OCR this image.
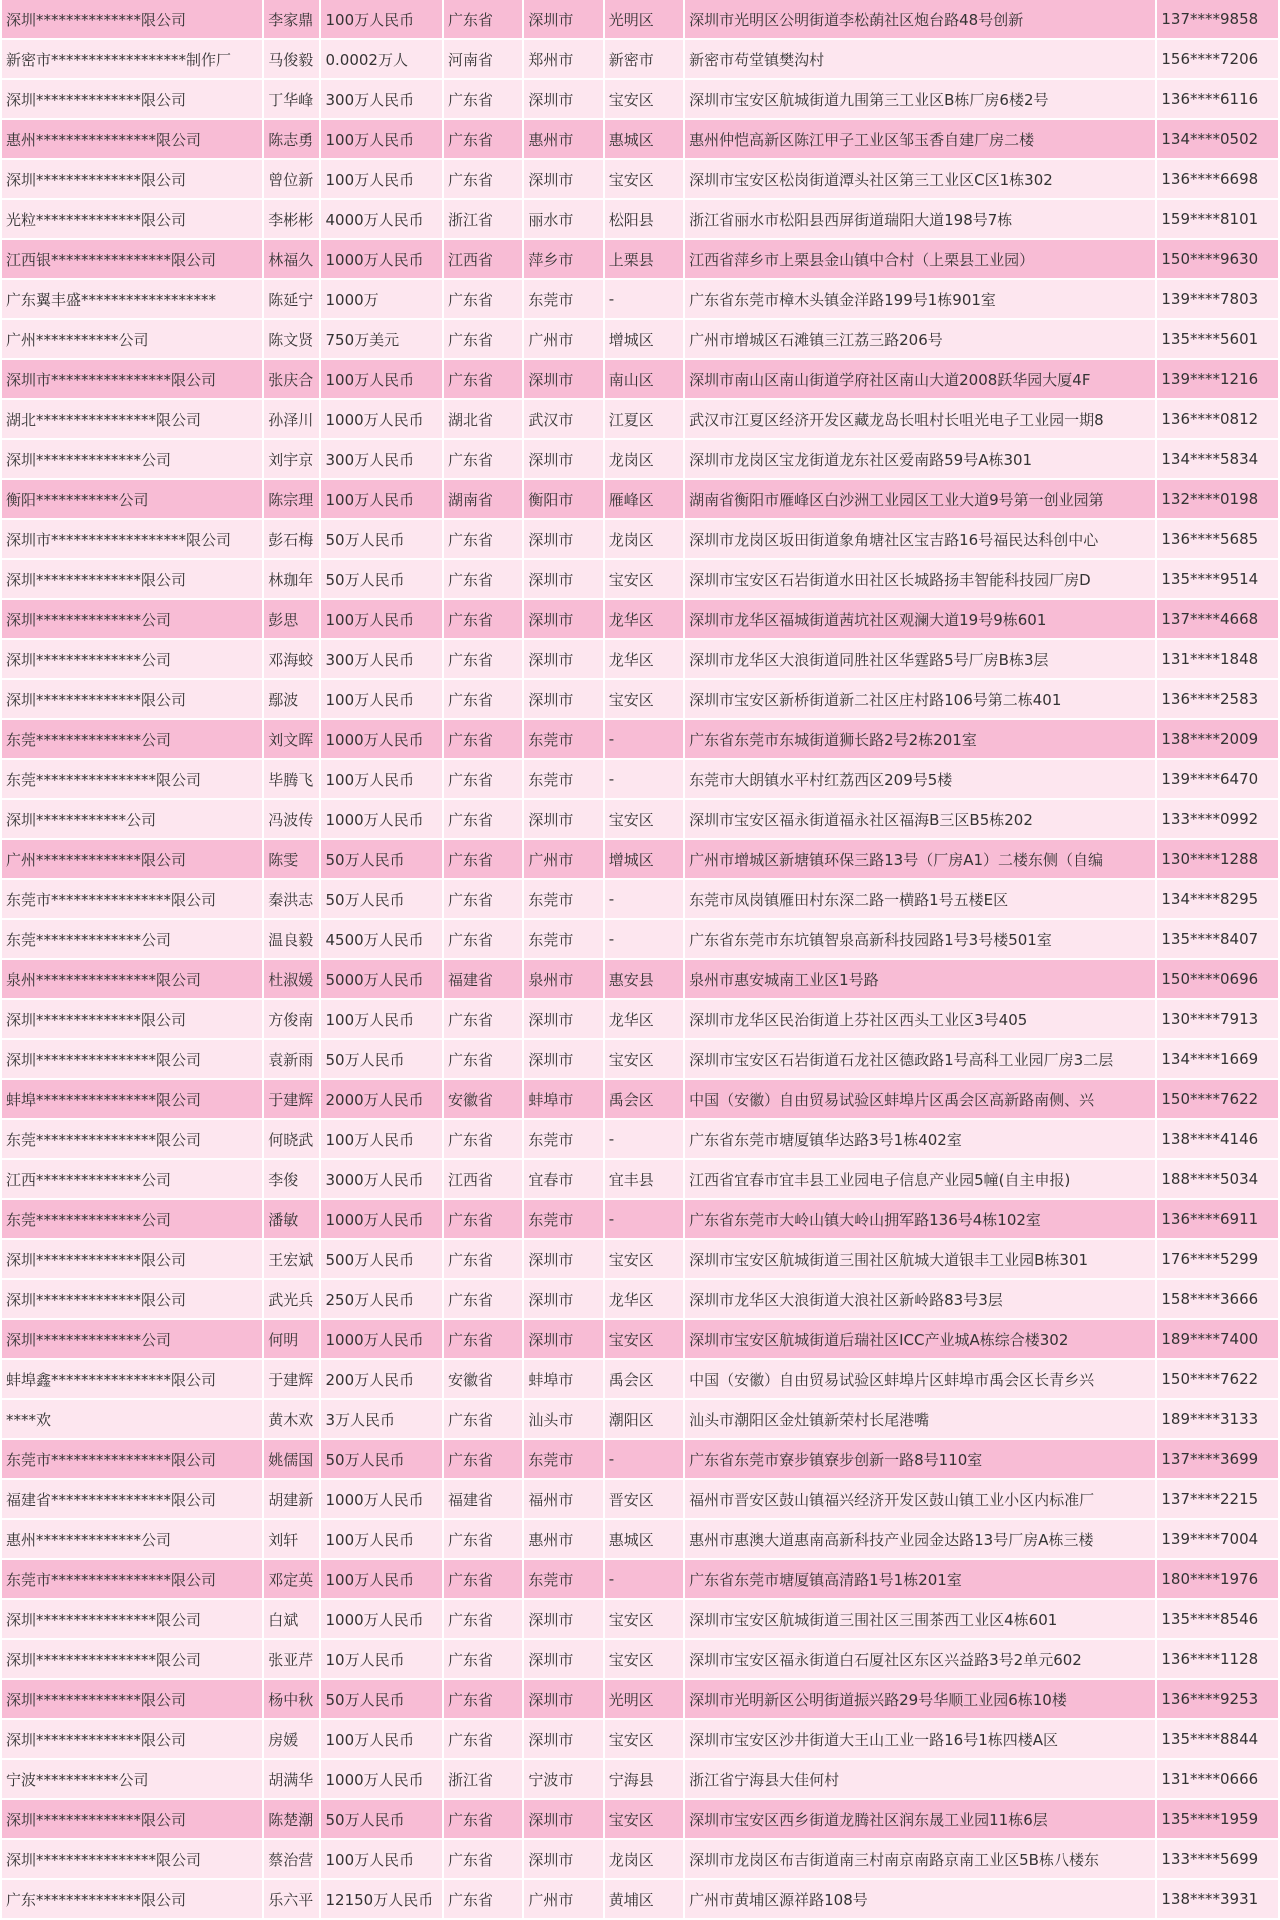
深圳**************限公司	李家鼎	100万人民币	广东省	深圳市	光明区	深圳市光明区公明街道李松蓢社区炮台路48号创新	137****9858
新密市******************制作厂	马俊毅	0.0002万人	河南省	郑州市	新密市	新密市苟堂镇樊沟村	156****7206
深圳**************限公司	丁华峰	300万人民币	广东省	深圳市	宝安区	深圳市宝安区航城街道九围第三工业区B栋厂房6楼2号	136****6116
惠州****************限公司	陈志勇	100万人民币	广东省	惠州市	惠城区	惠州仲恺高新区陈江甲子工业区邹玉香自建厂房二楼	134****0502
深圳**************限公司	曾位新	100万人民币	广东省	深圳市	宝安区	深圳市宝安区松岗街道潭头社区第三工业区C区1栋302	136****6698
光粒**************限公司	李彬彬	4000万人民币	浙江省	丽水市	松阳县	浙江省丽水市松阳县西屏街道瑞阳大道198号7栋	159****8101
江西银****************限公司	林福久	1000万人民币	江西省	萍乡市	上栗县	江西省萍乡市上栗县金山镇中合村（上栗县工业园）	150****9630
广东翼丰盛******************	陈延宁	1000万	广东省	东莞市	-	广东省东莞市樟木头镇金洋路199号1栋901室	139****7803
广州***********公司	陈文贤	750万美元	广东省	广州市	增城区	广州市增城区石滩镇三江荔三路206号	135****5601
深圳市****************限公司	张庆合	100万人民币	广东省	深圳市	南山区	深圳市南山区南山街道学府社区南山大道2008跃华园大厦4F	139****1216
湖北****************限公司	孙泽川	1000万人民币	湖北省	武汉市	江夏区	武汉市江夏区经济开发区藏龙岛长咀村长咀光电子工业园一期8	136****0812
深圳**************公司	刘宇京	300万人民币	广东省	深圳市	龙岗区	深圳市龙岗区宝龙街道龙东社区爱南路59号A栋301	134****5834
衡阳***********公司	陈宗理	100万人民币	湖南省	衡阳市	雁峰区	湖南省衡阳市雁峰区白沙洲工业园区工业大道9号第一创业园第	132****0198
深圳市******************限公司	彭石梅	50万人民币	广东省	深圳市	龙岗区	深圳市龙岗区坂田街道象角塘社区宝吉路16号福民达科创中心	136****5685
深圳**************限公司	林珈年	50万人民币	广东省	深圳市	宝安区	深圳市宝安区石岩街道水田社区长城路扬丰智能科技园厂房D	135****9514
深圳**************公司	彭思	100万人民币	广东省	深圳市	龙华区	深圳市龙华区福城街道茜坑社区观澜大道19号9栋601	137****4668
深圳**************公司	邓海蛟	300万人民币	广东省	深圳市	龙华区	深圳市龙华区大浪街道同胜社区华霆路5号厂房B栋3层	131****1848
深圳**************限公司	鄢波	100万人民币	广东省	深圳市	宝安区	深圳市宝安区新桥街道新二社区庄村路106号第二栋401	136****2583
东莞**************公司	刘文晖	1000万人民币	广东省	东莞市	-	广东省东莞市东城街道狮长路2号2栋201室	138****2009
东莞****************限公司	毕腾飞	100万人民币	广东省	东莞市	-	东莞市大朗镇水平村红荔西区209号5楼	139****6470
深圳************公司	冯波传	1000万人民币	广东省	深圳市	宝安区	深圳市宝安区福永街道福永社区福海B三区B5栋202	133****0992
广州**************限公司	陈雯	50万人民币	广东省	广州市	增城区	广州市增城区新塘镇环保三路13号（厂房A1）二楼东侧（自编	130****1288
东莞市****************限公司	秦洪志	50万人民币	广东省	东莞市	-	东莞市凤岗镇雁田村东深二路一横路1号五楼E区	134****8295
东莞**************公司	温良毅	4500万人民币	广东省	东莞市	-	广东省东莞市东坑镇智泉高新科技园路1号3号楼501室	135****8407
泉州****************限公司	杜淑媛	5000万人民币	福建省	泉州市	惠安县	泉州市惠安城南工业区1号路	150****0696
深圳**************限公司	方俊南	100万人民币	广东省	深圳市	龙华区	深圳市龙华区民治街道上芬社区西头工业区3号405	130****7913
深圳****************限公司	袁新雨	50万人民币	广东省	深圳市	宝安区	深圳市宝安区石岩街道石龙社区德政路1号高科工业园厂房3二层	134****1669
蚌埠****************限公司	于建辉	2000万人民币	安徽省	蚌埠市	禹会区	中国（安徽）自由贸易试验区蚌埠片区禹会区高新路南侧、兴	150****7622
东莞****************限公司	何晓武	100万人民币	广东省	东莞市	-	广东省东莞市塘厦镇华达路3号1栋402室	138****4146
江西**************公司	李俊	3000万人民币	江西省	宜春市	宜丰县	江西省宜春市宜丰县工业园电子信息产业园5幢(自主申报)	188****5034
东莞**************公司	潘敏	1000万人民币	广东省	东莞市	-	广东省东莞市大岭山镇大岭山拥军路136号4栋102室	136****6911
深圳**************限公司	王宏斌	500万人民币	广东省	深圳市	宝安区	深圳市宝安区航城街道三围社区航城大道银丰工业园B栋301	176****5299
深圳**************限公司	武光兵	250万人民币	广东省	深圳市	龙华区	深圳市龙华区大浪街道大浪社区新岭路83号3层	158****3666
深圳**************公司	何明	1000万人民币	广东省	深圳市	宝安区	深圳市宝安区航城街道后瑞社区ICC产业城A栋综合楼302	189****7400
蚌埠鑫****************限公司	于建辉	200万人民币	安徽省	蚌埠市	禹会区	中国（安徽）自由贸易试验区蚌埠片区蚌埠市禹会区长青乡兴	150****7622
****欢	黄木欢	3万人民币	广东省	汕头市	潮阳区	汕头市潮阳区金灶镇新荣村长尾港嘴	189****3133
东莞市****************限公司	姚儒国	50万人民币	广东省	东莞市	-	广东省东莞市寮步镇寮步创新一路8号110室	137****3699
福建省****************限公司	胡建新	1000万人民币	福建省	福州市	晋安区	福州市晋安区鼓山镇福兴经济开发区鼓山镇工业小区内标准厂	137****2215
惠州**************公司	刘轩	100万人民币	广东省	惠州市	惠城区	惠州市惠澳大道惠南高新科技产业园金达路13号厂房A栋三楼	139****7004
东莞市****************限公司	邓定英	100万人民币	广东省	东莞市	-	广东省东莞市塘厦镇高清路1号1栋201室	180****1976
深圳****************限公司	白斌	1000万人民币	广东省	深圳市	宝安区	深圳市宝安区航城街道三围社区三围茶西工业区4栋601	135****8546
深圳****************限公司	张亚芹	10万人民币	广东省	深圳市	宝安区	深圳市宝安区福永街道白石厦社区东区兴益路3号2单元602	136****1128
深圳**************限公司	杨中秋	50万人民币	广东省	深圳市	光明区	深圳市光明新区公明街道振兴路29号华顺工业园6栋10楼	136****9253
深圳**************限公司	房媛	100万人民币	广东省	深圳市	宝安区	深圳市宝安区沙井街道大王山工业一路16号1栋四楼A区	135****8844
宁波***********公司	胡满华	1000万人民币	浙江省	宁波市	宁海县	浙江省宁海县大佳何村	131****0666
深圳**************限公司	陈楚潮	50万人民币	广东省	深圳市	宝安区	深圳市宝安区西乡街道龙腾社区润东晟工业园11栋6层	135****1959
深圳****************限公司	蔡治营	100万人民币	广东省	深圳市	龙岗区	深圳市龙岗区布吉街道南三村南京南路京南工业区5B栋八楼东	133****5699
广东**************限公司	乐六平	12150万人民币	广东省	广州市	黄埔区	广州市黄埔区源祥路108号	138****3931
